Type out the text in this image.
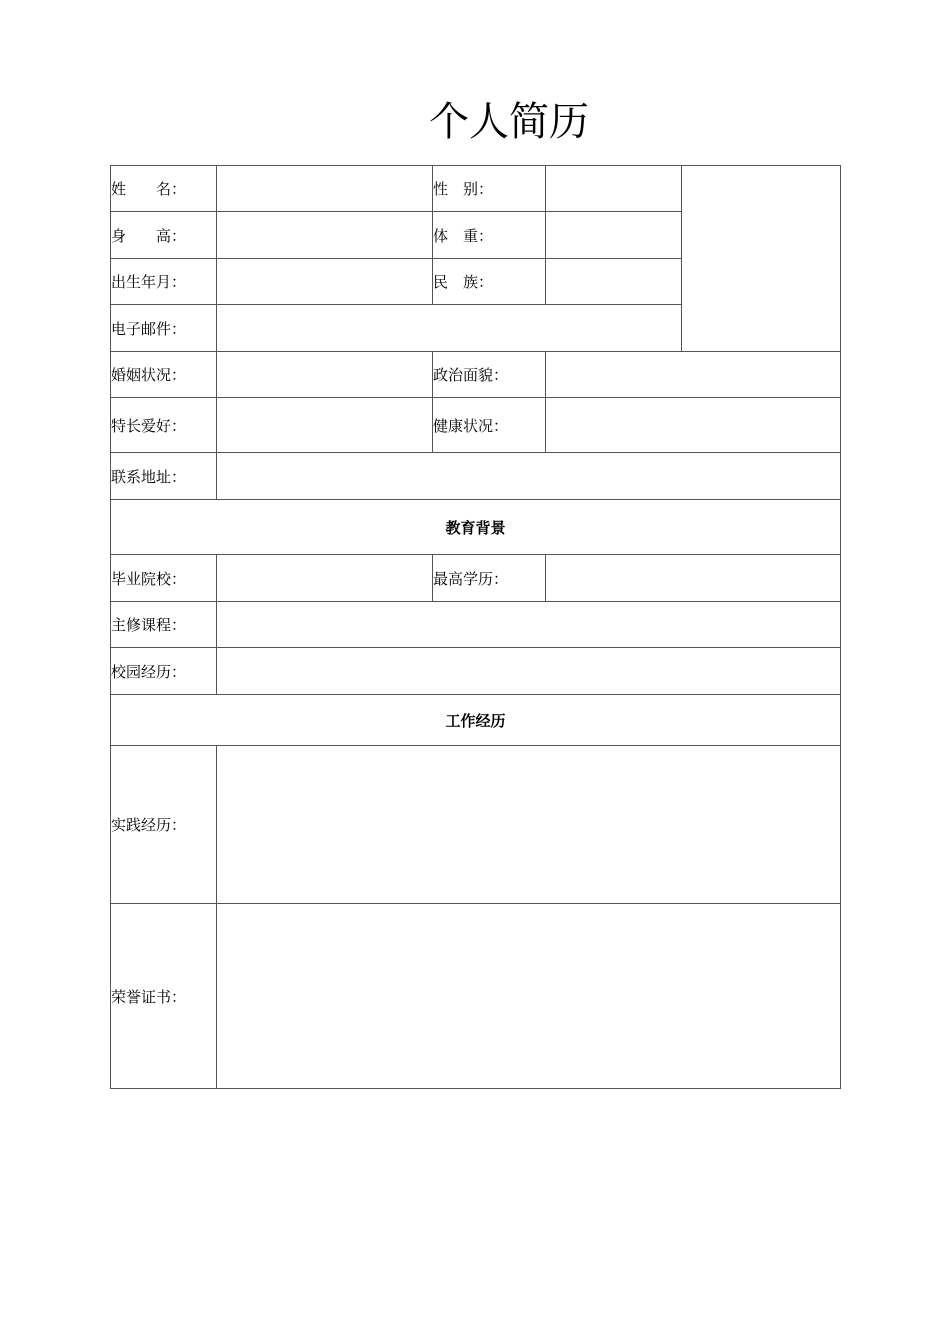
个人简历
姓　　名：		性　别：		
身　　高：		体　重：		
出生年月：		民　族：		
电子邮件：				
婚姻状况：		政治面貌：		
特长爱好：		健康状况：		
联系地址：				
教育背景				
毕业院校：		最高学历：		
主修课程：				
校园经历：				
工作经历				
实践经历：				
荣誉证书：				
